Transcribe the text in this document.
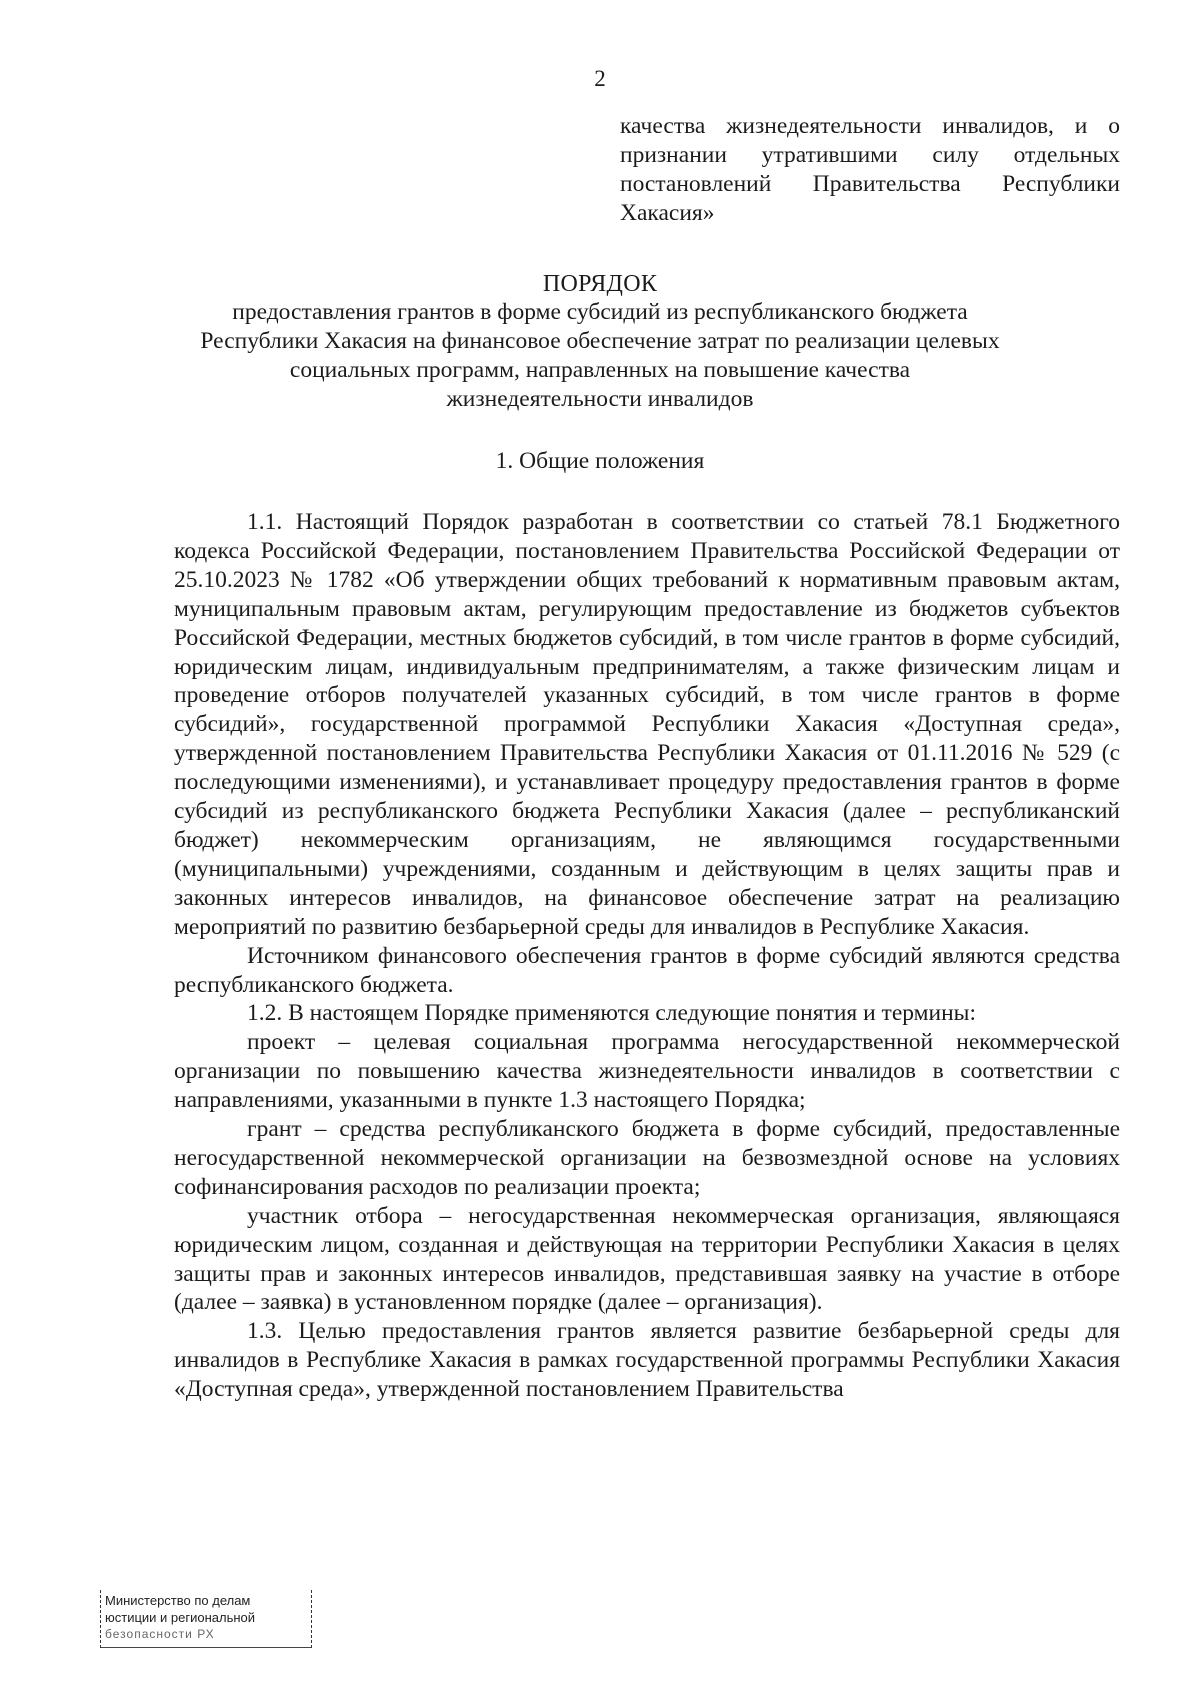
2
качества жизнедеятельности инвалидов, и о признании утратившими силу отдельных постановлений Правительства Республики Хакасия»
ПОРЯДОК
предоставления грантов в форме субсидий из республиканского бюджета Республики Хакасия на финансовое обеспечение затрат по реализации целевых социальных программ, направленных на повышение качества жизнедеятельности инвалидов
1. Общие положения

1.1. Настоящий Порядок разработан в соответствии со статьей 78.1 Бюджетного кодекса Российской Федерации, постановлением Правительства Российской Федерации от 25.10.2023 № 1782 «Об утверждении общих требований к нормативным правовым актам, муниципальным правовым актам, регулирующим предоставление из бюджетов субъектов Российской Федерации, местных бюджетов субсидий, в том числе грантов в форме субсидий, юридическим лицам, индивидуальным предпринимателям, а также физическим лицам и проведение отборов получателей указанных субсидий, в том числе грантов в форме субсидий», государственной программой Республики Хакасия «Доступная среда», утвержденной постановлением Правительства Республики Хакасия от 01.11.2016 № 529 (с последующими изменениями), и устанавливает процедуру предоставления грантов в форме субсидий из республиканского бюджета Республики Хакасия (далее – республиканский бюджет) некоммерческим организациям, не являющимся государственными (муниципальными) учреждениями, созданным и действующим в целях защиты прав и законных интересов инвалидов, на финансовое обеспечение затрат на реализацию мероприятий по развитию безбарьерной среды для инвалидов в Республике Хакасия.

Источником финансового обеспечения грантов в форме субсидий являются средства республиканского бюджета.

1.2. В настоящем Порядке применяются следующие понятия и термины:

проект – целевая социальная программа негосударственной некоммерческой организации по повышению качества жизнедеятельности инвалидов в соответствии с направлениями, указанными в пункте 1.3 настоящего Порядка;

грант – средства республиканского бюджета в форме субсидий, предоставленные негосударственной некоммерческой организации на безвозмездной основе на условиях софинансирования расходов по реализации проекта;

участник отбора – негосударственная некоммерческая организация, являющаяся юридическим лицом, созданная и действующая на территории Республики Хакасия в целях защиты прав и законных интересов инвалидов, представившая заявку на участие в отборе (далее – заявка) в установленном порядке (далее – организация).

1.3. Целью предоставления грантов является развитие безбарьерной среды для инвалидов в Республике Хакасия в рамках государственной программы Республики Хакасия «Доступная среда», утвержденной постановлением Правительства

Министерство по делам
юстиции и региональной
безопасности РХ
